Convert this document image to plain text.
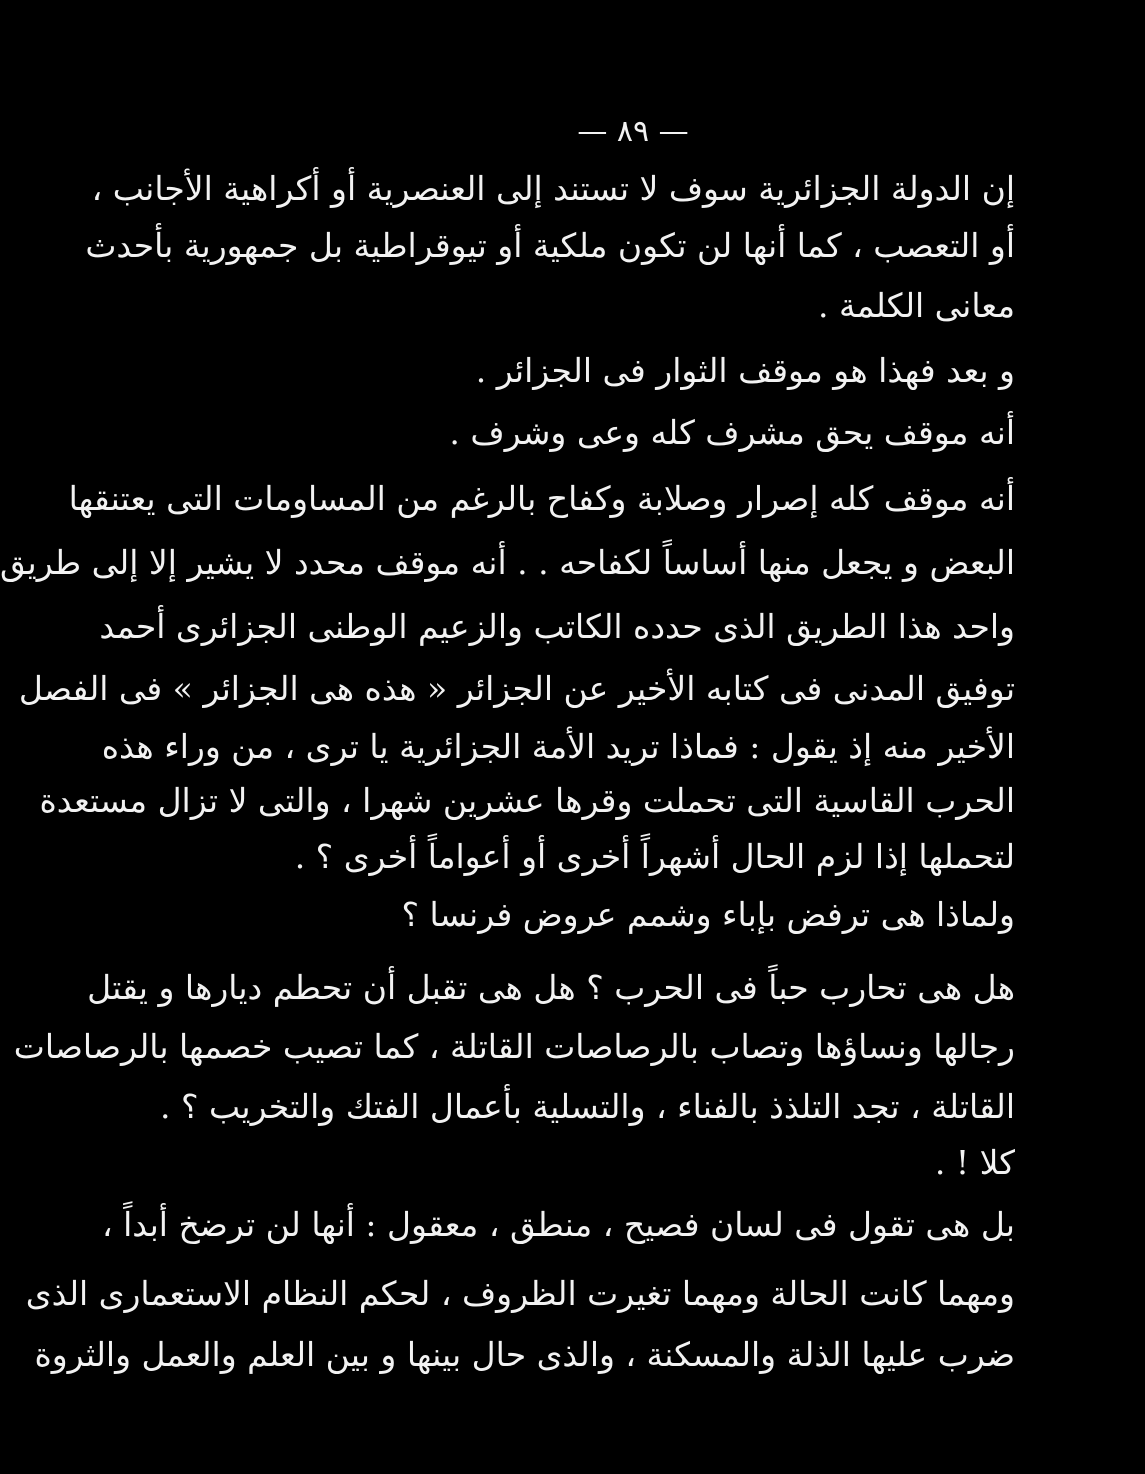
— ٨٩ —
إن الدولة الجزائرية سوف لا تستند إلى العنصرية أو أكراهية الأجانب ،
أو التعصب ، كما أنها لن تكون ملكية أو تيوقراطية بل جمهورية بأحدث
معانى الكلمة .
و بعد فهذا هو موقف الثوار فى الجزائر .
أنه موقف يحق مشرف كله وعى وشرف .
أنه موقف كله إصرار وصلابة وكفاح بالرغم من المساومات التى يعتنقها
البعض و يجعل منها أساساً لكفاحه . . أنه موقف محدد لا يشير إلا إلى طريق
واحد هذا الطريق الذى حدده الكاتب والزعيم الوطنى الجزائرى أحمد
توفيق المدنى فى كتابه الأخير عن الجزائر « هذه هى الجزائر » فى الفصل
الأخير منه إذ يقول : فماذا تريد الأمة الجزائرية يا ترى ، من وراء هذه
الحرب القاسية التى تحملت وقرها عشرين شهرا ، والتى لا تزال مستعدة
لتحملها إذا لزم الحال أشهراً أخرى أو أعواماً أخرى ؟ .
ولماذا هى ترفض بإباء وشمم عروض فرنسا ؟
هل هى تحارب حباً فى الحرب ؟ هل هى تقبل أن تحطم ديارها و يقتل
رجالها ونساؤها وتصاب بالرصاصات القاتلة ، كما تصيب خصمها بالرصاصات
القاتلة ، تجد التلذذ بالفناء ، والتسلية بأعمال الفتك والتخريب ؟ .
كلا ! .
بل هى تقول فى لسان فصيح ، منطق ، معقول : أنها لن ترضخ أبداً ،
ومهما كانت الحالة ومهما تغيرت الظروف ، لحكم النظام الاستعمارى الذى
ضرب عليها الذلة والمسكنة ، والذى حال بينها و بين العلم والعمل والثروة
